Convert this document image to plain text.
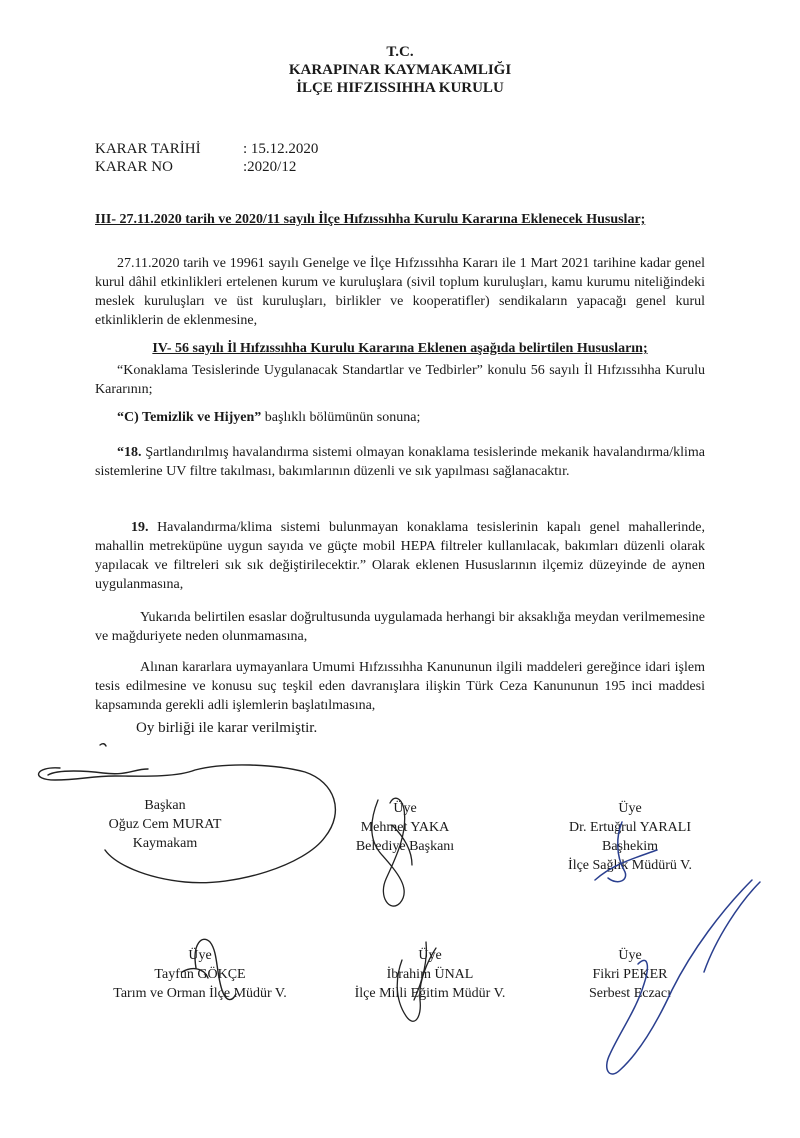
T.C.
KARAPINAR KAYMAKAMLIĞI
İLÇE HIFZISSIHHA KURULU
KARAR TARİHİ	: 15.12.2020
KARAR NO	:2020/12
III- 27.11.2020 tarih ve 2020/11 sayılı İlçe Hıfzıssıhha Kurulu Kararına Eklenecek Hususlar;
27.11.2020 tarih ve 19961 sayılı Genelge ve İlçe Hıfzıssıhha Kararı ile 1 Mart 2021 tarihine kadar genel kurul dâhil etkinlikleri ertelenen kurum ve kuruluşlara (sivil toplum kuruluşları, kamu kurumu niteliğindeki meslek kuruluşları ve üst kuruluşları, birlikler ve kooperatifler) sendikaların yapacağı genel kurul etkinliklerin de eklenmesine,
IV- 56 sayılı İl Hıfzıssıhha Kurulu Kararına Eklenen aşağıda belirtilen Hususların;
“Konaklama Tesislerinde Uygulanacak Standartlar ve Tedbirler” konulu 56 sayılı İl Hıfzıssıhha Kurulu Kararının;
“C) Temizlik ve Hijyen” başlıklı bölümünün sonuna;
“18. Şartlandırılmış havalandırma sistemi olmayan konaklama tesislerinde mekanik havalandırma/klima sistemlerine UV filtre takılması, bakımlarının düzenli ve sık yapılması sağlanacaktır.
19. Havalandırma/klima sistemi bulunmayan konaklama tesislerinin kapalı genel mahallerinde, mahallin metreküpüne uygun sayıda ve güçte mobil HEPA filtreler kullanılacak, bakımları düzenli olarak yapılacak ve filtreleri sık sık değiştirilecektir.” Olarak eklenen Hususlarının ilçemiz düzeyinde de aynen uygulanmasına,
Yukarıda belirtilen esaslar doğrultusunda uygulamada herhangi bir aksaklığa meydan verilmemesine ve mağduriyete neden olunmamasına,
Alınan kararlara uymayanlara Umumi Hıfzıssıhha Kanununun ilgili maddeleri gereğince idari işlem tesis edilmesine ve konusu suç teşkil eden davranışlara ilişkin Türk Ceza Kanununun 195 inci maddesi kapsamında gerekli adli işlemlerin başlatılmasına,
Oy birliği ile karar verilmiştir.
Başkan
Oğuz Cem MURAT
Kaymakam
Üye
Mehmet YAKA
Belediye Başkanı
Üye
Dr. Ertuğrul YARALI
Başhekim
İlçe Sağlık Müdürü V.
Üye
Tayfun GÖKÇE
Tarım ve Orman İlçe Müdür V.
Üye
İbrahim ÜNAL
İlçe Milli Eğitim Müdür V.
Üye
Fikri PEKER
Serbest Eczacı
